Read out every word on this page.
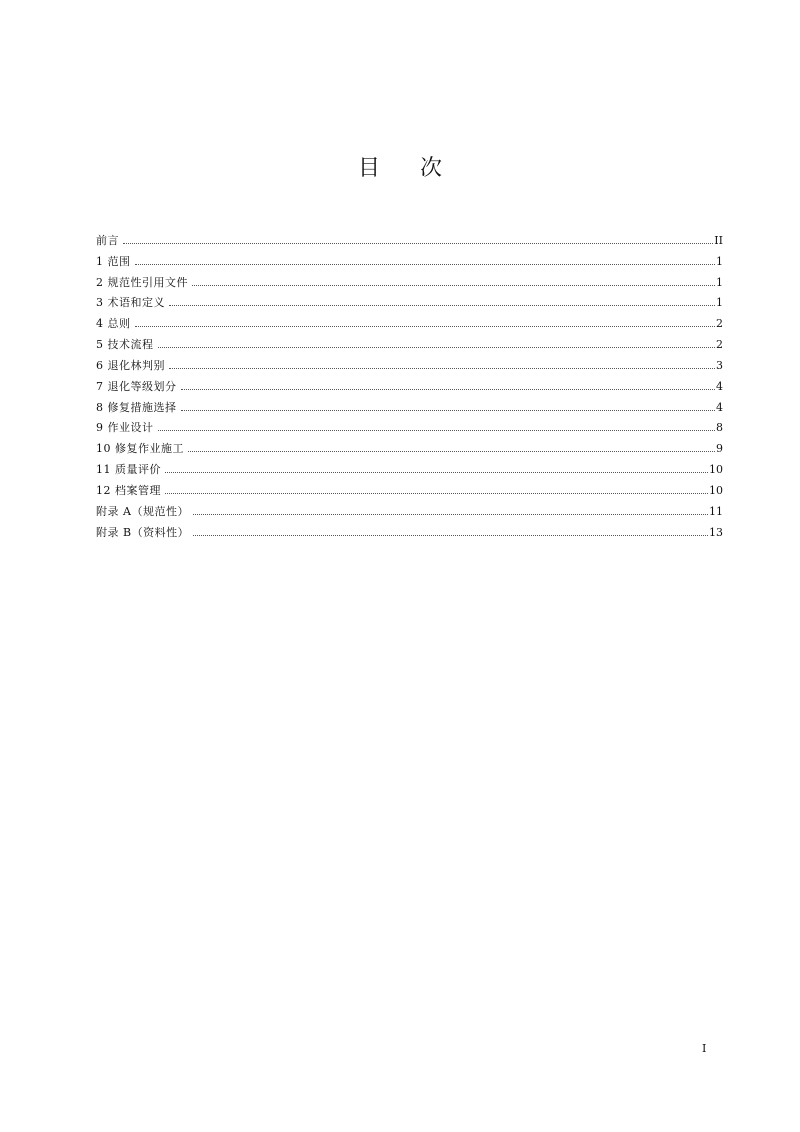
目 次
前言	II
1 范围	1
2 规范性引用文件	1
3 术语和定义	1
4 总则	2
5 技术流程	2
6 退化林判别	3
7 退化等级划分	4
8 修复措施选择	4
9 作业设计	8
10 修复作业施工	9
11 质量评价	10
12 档案管理	10
附录 A（规范性）	11
附录 B（资料性）	13
I
